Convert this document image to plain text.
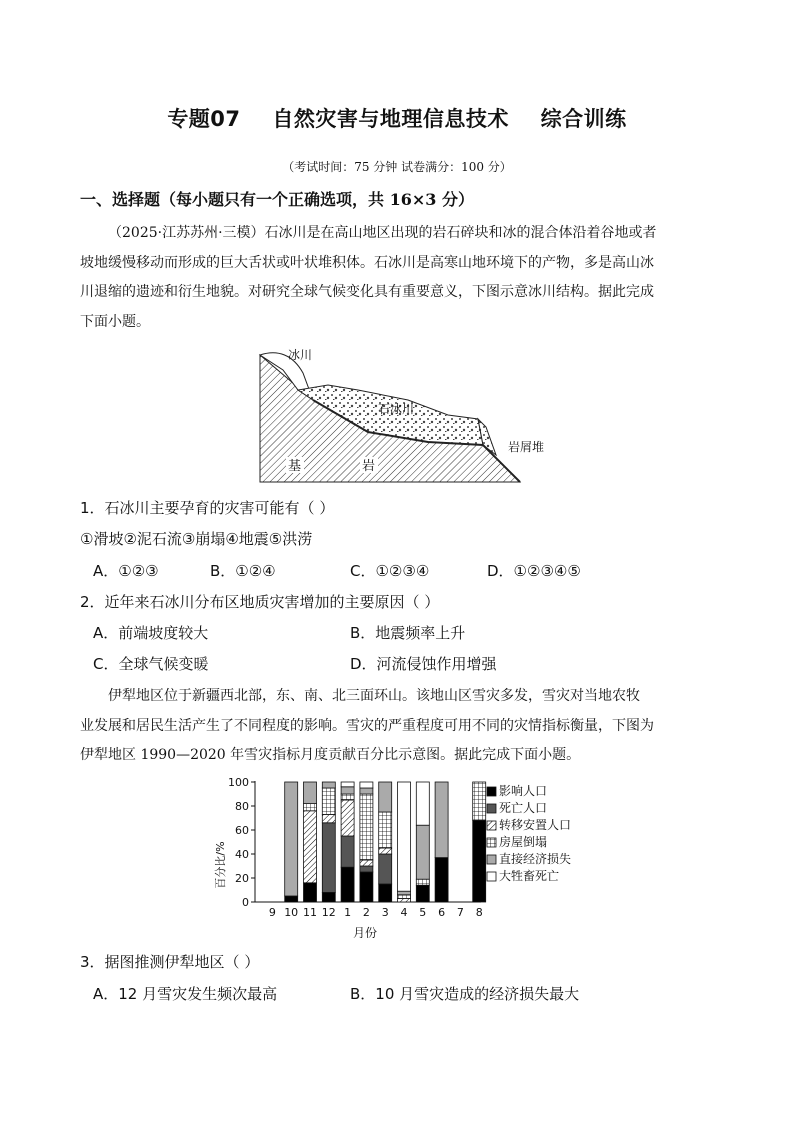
专题07 自然灾害与地理信息技术 综合训练
（考试时间：75 分钟 试卷满分：100 分）
一、选择题（每小题只有一个正确选项，共 16×3 分）
（2025·江苏苏州·三模）石冰川是在高山地区出现的岩石碎块和冰的混合体沿着谷地或者
坡地缓慢移动而形成的巨大舌状或叶状堆积体。石冰川是高寒山地环境下的产物，多是高山冰
川退缩的遗迹和衍生地貌。对研究全球气候变化具有重要意义，下图示意冰川结构。据此完成
下面小题。
冰川
石冰川
岩屑堆
基	岩
1．石冰川主要孕育的灾害可能有（ ）
①滑坡②泥石流③崩塌④地震⑤洪涝
A．①②③	B．①②④	C．①②③④	D．①②③④⑤
2．近年来石冰川分布区地质灾害增加的主要原因（ ）
A．前端坡度较大	B．地震频率上升
C．全球气候变暖	D．河流侵蚀作用增强
伊犁地区位于新疆西北部，东、南、北三面环山。该地山区雪灾多发，雪灾对当地农牧
业发展和居民生活产生了不同程度的影响。雪灾的严重程度可用不同的灾情指标衡量，下图为
伊犁地区 1990—2020 年雪灾指标月度贡献百分比示意图。据此完成下面小题。
百分比/%
0
20
40
60
80
100
9 10 11 12 1 2 3 4 5 6 7 8
月份
影响人口
死亡人口
转移安置人口
房屋倒塌
直接经济损失
大牲畜死亡
3．据图推测伊犁地区（ ）
A．12 月雪灾发生频次最高	B．10 月雪灾造成的经济损失最大
